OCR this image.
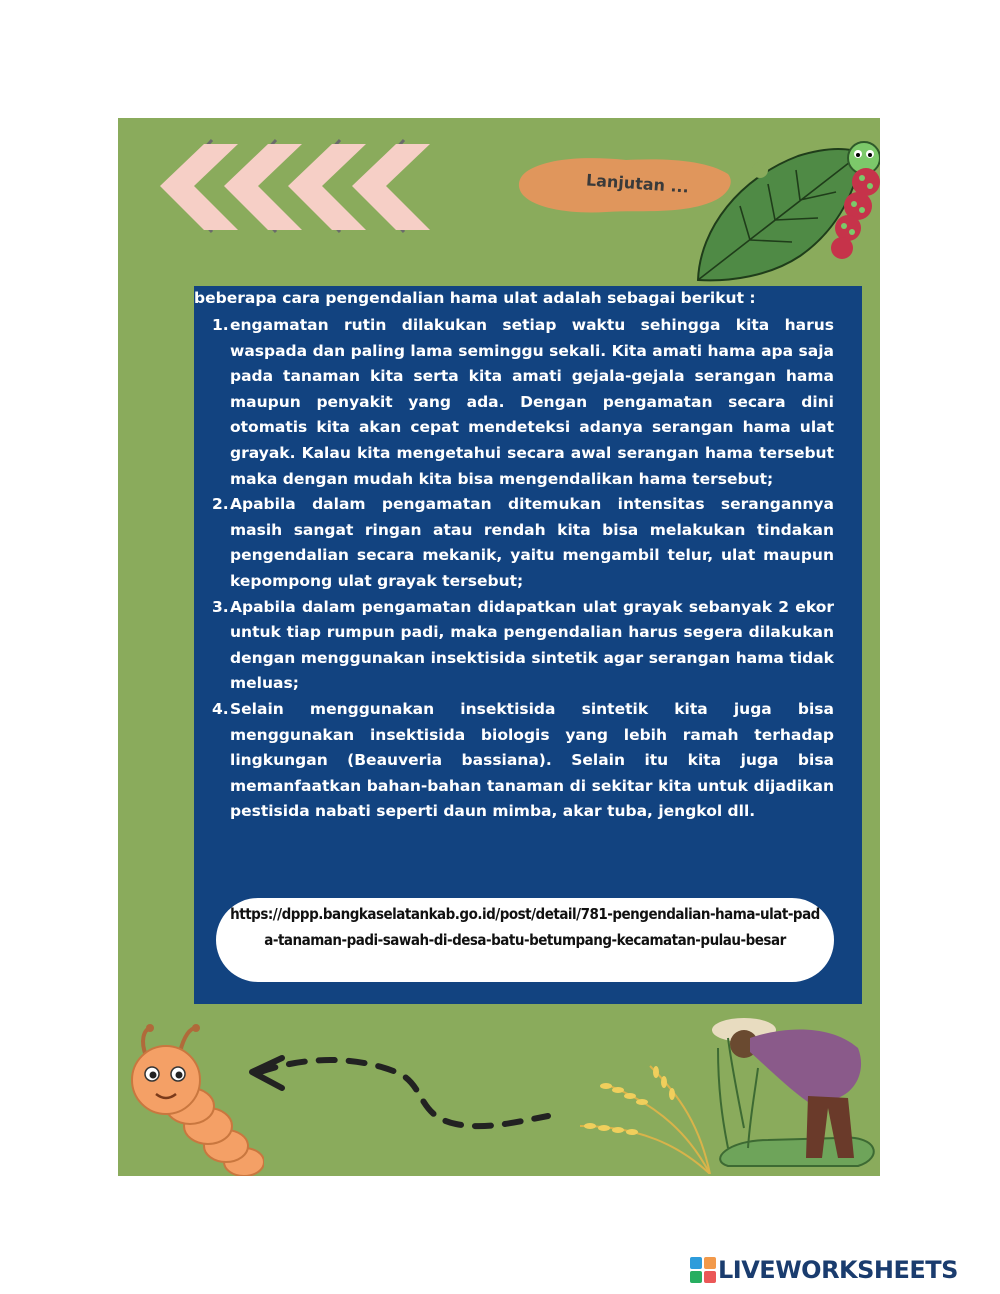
Lanjutan ...
beberapa cara pengendalian hama ulat adalah sebagai berikut :
1. engamatan rutin dilakukan setiap waktu sehingga kita harus waspada dan paling lama seminggu sekali. Kita amati hama apa saja pada tanaman kita serta kita amati gejala-gejala serangan hama maupun penyakit yang ada. Dengan pengamatan secara dini otomatis kita akan cepat mendeteksi adanya serangan hama ulat grayak. Kalau kita mengetahui secara awal serangan hama tersebut maka dengan mudah kita bisa mengendalikan hama tersebut;
2. Apabila dalam pengamatan ditemukan intensitas serangannya masih sangat ringan atau rendah kita bisa melakukan tindakan pengendalian secara mekanik, yaitu mengambil telur, ulat maupun kepompong ulat grayak tersebut;
3. Apabila dalam pengamatan didapatkan ulat grayak sebanyak 2 ekor untuk tiap rumpun padi, maka pengendalian harus segera dilakukan dengan menggunakan insektisida sintetik agar serangan hama tidak meluas;
4. Selain menggunakan insektisida sintetik kita juga bisa menggunakan insektisida biologis yang lebih ramah terhadap lingkungan (Beauveria bassiana). Selain itu kita juga bisa memanfaatkan bahan-bahan tanaman di sekitar kita untuk dijadikan pestisida nabati seperti daun mimba, akar tuba, jengkol dll.
https://dppp.bangkaselatankab.go.id/post/detail/781-pengendalian-hama-ulat-pada-tanaman-padi-sawah-di-desa-batu-betumpang-kecamatan-pulau-besar
LIVEWORKSHEETS
